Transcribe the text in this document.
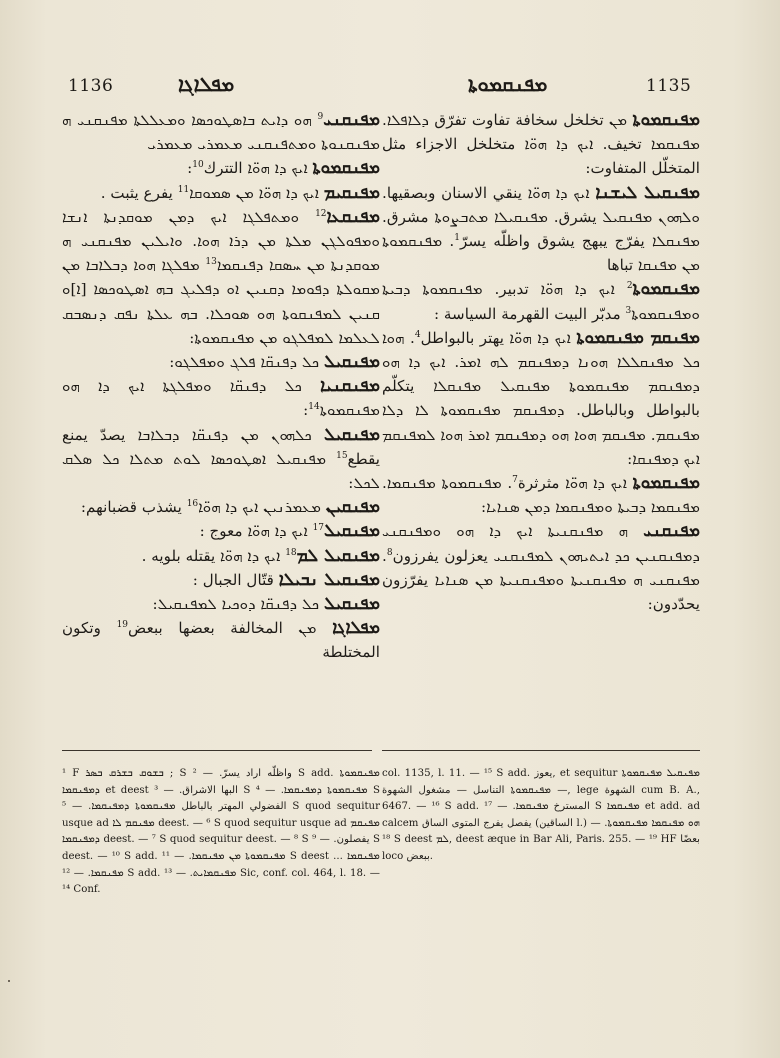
1136	ܡܦܠܐܓܐ	ܡܦܢܩܡܘܬܐ	1135

ܡܦܢܩܢܝ$^9$ ܗܘ ܕܐܝܬ ܒܐܣܛܘܟܣܐ ܘܡܥܠܠܬܐ ܡܦܢܩܢܝ ܗ ܡܦܢܩܢܘܬܐ ܘܡܬܦܢܩܢܝ ܡܥܡܪܝ ܡܥܡܪܝ

ܡܦܢܩܡܘܬܐ ܐܝܟ ܕܐ ܗܘ̈ܐ التترك$^{10}$:

ܡܦܢܩܝܡ ܐܝܟ ܕܐ ܗܘ̈ܐ ܡܢ ܣܡܘܩܐ$^{11}$ يفرع يثبت .

ܡܦܢܩܥܐ$^{12}$ ܘܡܬܦܠܓܐ ܐܝܟ ܕܡܢ ܡܘܩܕܢܬܐ ܐܢܫܐ ܘܡܦܘܠܓܢ ܡܠܬܐ ܡܢ ܕܪܐ ܗܘܐ. ܘܐܝܠܝܢ ܡܦܢܩܢܝ ܗ ܡܘܩܕܢܬܐ ܡܢ ܚܣܩܐ ܕܦܢܩܡܐ$^{13}$ ܡܦܠܓܐ ܗܘܐ ܕܒܠܐܒܐ ܡܢ ܡܩܘܠܬܐ ܕܦܘܡܐ ܕܩܢܝܢ ܐܘ ܕܦܠܝܓ ܒܗ ܐܣܛܘܟܣܐ [ܐ]ܘ ܩܢܝܢ ܠܡܦܢܩܘܬܐ ܗܘ ܣܘܟܠܐ. ܒܗ ܥܠܬܐ ܢܦܩ ܕܢܣܒܩ ܠܥܠܡܐ ܠܡܦܠܓܘ ܡܢ ܡܦܢܩܡܘܬܐ:

ܡܦܢܩܝܠ ܟܠ ܕܦܢܩ̈ܐ ܦܠܓ ܘܡܦܠܓܘ:

ܡܦܢܩܢܝܐ ܟܠ ܕܦܢܩ̈ܐ ܘܡܦܠܓܬܐ ܐܝܟ ܕܐ ܗܘ ܡܦܢܩܡܘܬܐ$^{14}$:

ܡܦܢܩܝܠ ܟܠܗܘܢ ܡܢ ܕܦܢܩ̈ܐ ܕܒܠܐܒܐ يصدّ يمنع يقطع$^{15}$ ܡܦܢܩܝܠ ܐܣܛܘܟܣܐ ܠܘܬ ܡܬܠܐ ܟܠ ܣܠܩ ܠܟܠ:

ܡܦܢܩܝܢ ܡܥܡܪܢܝܢ ܐܝܟ ܕܐ ܗܘ̈ܐ$^{16}$ يشذب قضبانهم:

ܡܦܢܩܝܠ$^{17}$ ܐܝܟ ܕܐ ܗܘ̈ܐ معوج :

ܡܦܢܩܝܠ ܠܡ$^{18}$ ܐܝܟ ܕܐ ܗܘ̈ܐ يقتله بلويه .

ܡܦܢܩܝܠ ܢܒܝܠܐ قتّال الجبال :

ܡܦܢܩܝܠ ܟܠ ܕܦܢܩ̈ܐ ܕܘܟܝܐ ܠܡܦܢܩܝܠ:

ܡܦܠܐܓܐ ܡܢ المخالفة بعضها ببعض$^{19}$ وتكون المختلطة

ܡܦܢܩܡܘܬܐ ܡܢ تخلخل سخافة تفاوت تفرّق ܕܠܐܦܠܐ. ܡܦܢܩܡܐ تخيف. ܐܝܟ ܕܐ ܗܘ̈ܐ متخلخل الاجزاء مثل المتخلّل المتفاوت:

ܡܦܢܩܝܠ ܠܝܫܢܐ ܐܝܟ ܕܐ ܗܘ̈ܐ ينقي الاسنان وبصقيها. ܘܠܗܘܢ ܡܦܢܩܝܠ يشرق. ܡܦܢܩܝܠܐ ܡܬܒܨܘܬܐ مشرق. ܡܦܢܩܠܐ يفرّج يبهج يشوق واظلّه يسرّ$^1$. ܡܦܢܩܡܘܬܐ ܡܢ ܡܦܢܩܐ تباها

ܡܦܢܩܡܘܬܐ$^2$ ܐܝܟ ܕܐ ܗܘ̈ܐ تدبير. ܡܦܢܩܡܘܬܐ ܕܒܝܬܐ ܘܡܦܢܩܡܘܬܐ$^3$ مدبّر البيت القهرمة السياسة :

ܡܦܢܩܡ ܡܦܢܩܡܘܬܐ ܐܝܟ ܕܐ ܗܘ̈ܐ يهتر بالبواطل$^4$. ܗܘܐ ܟܠ ܡܦܢܩܠܠܐ ܗܘܢܐ ܕܡܦܢܩܡ ܠܗ ܐܡܪ. ܐܝܟ ܕܐ ܗܘ ܕܡܦܢܩܡ ܡܦܢܩܡܘܬܐ ܡܦܢܩܝܠ ܡܦܢܩܠܐ يتكلّم بالبواطل وبالباطل. ܕܡܦܢܩܡ ܡܦܢܩܡܘܬܐ ܠܐ ܕܠܐ ܡܦܢܩܡ. ܡܦܢܩܡ ܗܘܐ ܗܘ ܕܡܦܢܩܡ ܐܡܪ ܗܘܐ ܠܡܦܢܩܡ ܐܝܟ ܕܡܦܢܩܐ:

ܡܦܢܩܡܘܬܐ ܐܝܟ ܕܐ ܗܘ̈ܐ مثرثرة$^7$. ܡܦܢܩܡܘܬܐ ܡܦܢܩܡܐ. ܡܦܢܩܡܐ ܕܒܝܬܐ ܘܡܦܢܩܡܐ ܕܡܢ ܣܢܐܝܐ:

ܡܦܢܩܢܝ ܗ ܡܦܢܩܢܝܬܐ ܐܝܟ ܕܐ ܗܘ ܘܡܦܢܩܢܝ ܕܡܦܢܩܢܝܢ ܟܕ ܐܝܬܝܗܘܢ ܠܡܦܢܩܢܝ يعزلون يفرزون$^8$. ܡܦܢܩܢܝ ܗ ܡܦܢܩܢܝܬܐ ܘܡܦܢܩܢܝܬܐ ܡܢ ܣܢܐܝܐ يفرّزون يحدّدون:

¹ F ܒܫܘܩ ܒܫܪܩ ܒܣܪ ; S واظلّه اراد يسرّ. — ² S add. ܡܦܢܩܡܘܬܐ ܕܡܦܢܩܡܐ et deest البها الاشراق. — ³ S ܡܦܢܩܡܘܬܐ ܕܡܦܢܩܡܐ. — ⁴ S الفضولي المهتر بالباطل ܡܦܢܩܡܘܬܐ ܕܡܦܢܩܡܐ. — ⁵ S quod sequitur usque ad ܡܦܢܩܡ ܠܐ deest. — ⁶ S quod sequitur usque ad ܡܦܢܩܡ ܕܡܦܢܩܡܐ deest. — ⁷ S quod sequitur deest. — ⁸ S يفصلون. — ⁹ S deest. — ¹⁰ S add. ܡܦܢܩܡܘܬܐ ܡܢ ܡܦܢܩܡܐ. — ¹¹ S deest ܡܦܢܩܡܐ ... ܡܦܢܩܡܐ. — ¹² S add. ܡܦܢܩܡܐܝܬ. — ¹³ Sic, conf. col. 464, l. 18. — ¹⁴ Conf.
col. 1135, l. 11. — ¹⁵ S add. يعوز, et sequitur ܡܦܢܩܝܠ ܡܦܢܩܡܘܬܐ — ܡܦܢܩܡܘܬܐ التناسل — مشغول الشهوة, lege الشهوة cum B. A., 6467. — ¹⁶ S add. المسترخ ܡܦܢܩܡܐ. — ¹⁷ S ܡܦܢܩܡܐ et add. ad calcem يفصل يفرج المتوى الساق (الساقين l.) ܗܘ ܡܦܢܩܡܐ ܡܦܢܩܡܘܬܐ. — ¹⁸ S deest ܠܡ, deest æque in Bar Ali, Paris. 255. — ¹⁹ HF بعضًا loco ببعض.
